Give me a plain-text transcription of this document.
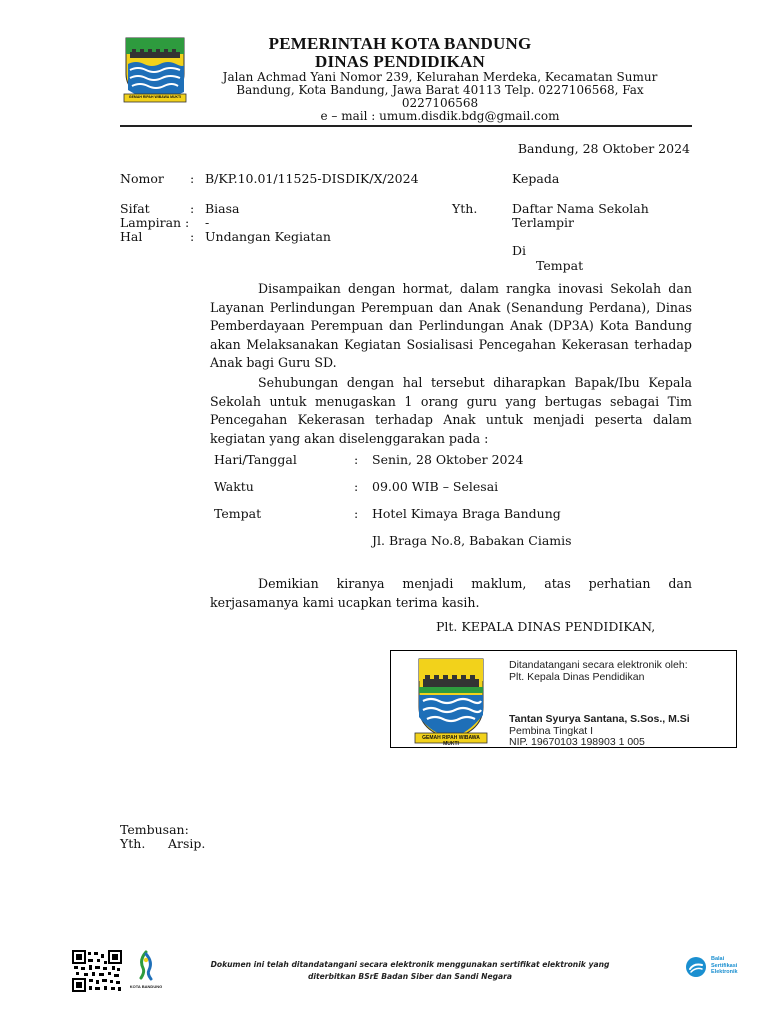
GEMAH RIPAH WIBAWA MUKTI
PEMERINTAH KOTA BANDUNG
DINAS PENDIDIKAN
Jalan Achmad Yani Nomor 239, Kelurahan Merdeka, Kecamatan Sumur
Bandung, Kota Bandung, Jawa Barat 40113 Telp. 0227106568, Fax
0227106568
e – mail : umum.disdik.bdg@gmail.com
Bandung, 28 Oktober 2024
Nomor : B/KP.10.01/11525-DISDIK/X/2024
Sifat	: Biasa
Lampiran : -
Hal	: Undangan Kegiatan
Kepada
Yth.	Daftar Nama Sekolah
Terlampir
Di
Tempat
Disampaikan dengan hormat, dalam rangka inovasi Sekolah dan Layanan Perlindungan Perempuan dan Anak (Senandung Perdana), Dinas Pemberdayaan Perempuan dan Perlindungan Anak (DP3A) Kota Bandung akan Melaksanakan Kegiatan Sosialisasi Pencegahan Kekerasan terhadap Anak bagi Guru SD.
Sehubungan dengan hal tersebut diharapkan Bapak/Ibu Kepala Sekolah untuk menugaskan 1 orang guru yang bertugas sebagai Tim Pencegahan Kekerasan terhadap Anak untuk menjadi peserta dalam kegiatan yang akan diselenggarakan pada :
Hari/Tanggal	: Senin, 28 Oktober 2024
Waktu	: 09.00 WIB – Selesai
Tempat	: Hotel Kimaya Braga Bandung
Jl. Braga No.8, Babakan Ciamis
Demikian kiranya menjadi maklum, atas perhatian dan kerjasamanya kami ucapkan terima kasih.
Plt. KEPALA DINAS PENDIDIKAN,
GEMAH RIPAH WIBAWA MUKTI
Ditandatangani secara elektronik oleh:
Plt. Kepala Dinas Pendidikan
Tantan Syurya Santana, S.Sos., M.Si
Pembina Tingkat I
NIP. 19670103 198903 1 005
Tembusan:
Yth. Arsip.
KOTA BANDUNG
Dokumen ini telah ditandatangani secara elektronik menggunakan sertifikat elektronik yang
diterbitkan BSrE Badan Siber dan Sandi Negara
Balai
Sertifikasi
Elektronik
